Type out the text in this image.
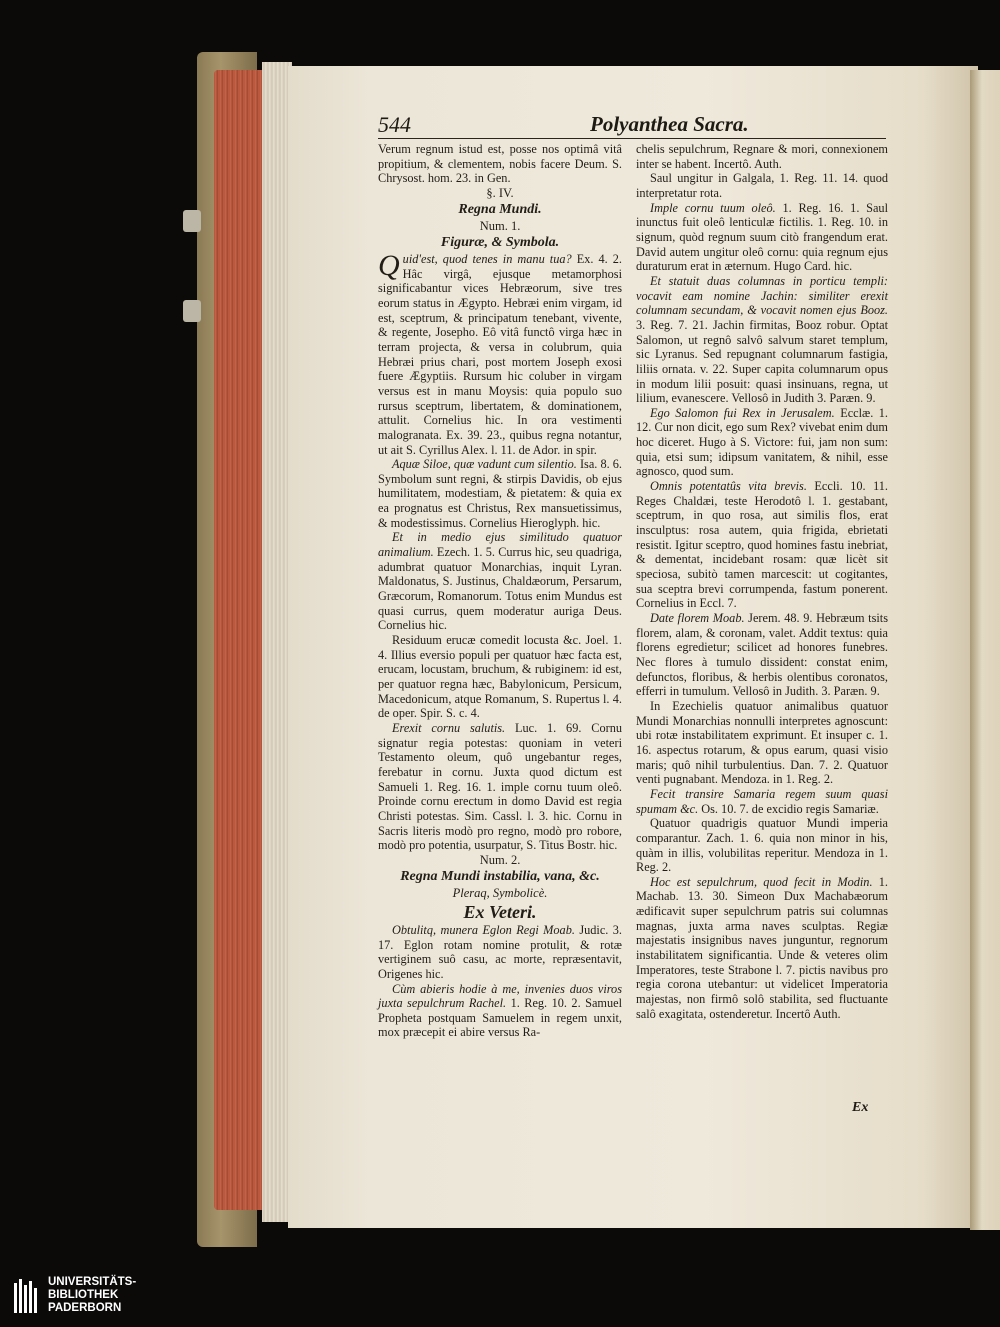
544	Polyanthea Sacra.

Verum regnum istud est, posse nos optimâ vitâ propitium, & clementem, nobis facere Deum. S. Chrysost. hom. 23. in Gen.

§. IV.
Regna Mundi.
Num. 1.
Figuræ, & Symbola.

Quid'est, quod tenes in manu tua? Ex. 4. 2. Hâc virgâ, ejusque metamorphosi significabantur vices Hebræorum, sive tres eorum status in Ægypto. Hebræi enim virgam, id est, sceptrum, & principatum tenebant, vivente, & regente, Josepho. Eô vitâ functô virga hæc in terram projecta, & versa in colubrum, quia Hebræi prius chari, post mortem Joseph exosi fuere Ægyptiis. Rursum hic coluber in virgam versus est in manu Moysis: quia populo suo rursus sceptrum, libertatem, & dominationem, attulit. Cornelius hic. In ora vestimenti malogranata. Ex. 39. 23., quibus regna notantur, ut ait S. Cyrillus Alex. l. 11. de Ador. in spir.

Aquæ Siloe, quæ vadunt cum silentio. Isa. 8. 6. Symbolum sunt regni, & stirpis Davidis, ob ejus humilitatem, modestiam, & pietatem: & quia ex ea prognatus est Christus, Rex mansuetissimus, & modestissimus. Cornelius Hieroglyph. hic.

Et in medio ejus similitudo quatuor animalium. Ezech. 1. 5. Currus hic, seu quadriga, adumbrat quatuor Monarchias, inquit Lyran. Maldonatus, S. Justinus, Chaldæorum, Persarum, Græcorum, Romanorum. Totus enim Mundus est quasi currus, quem moderatur auriga Deus. Cornelius hic.

Residuum erucæ comedit locusta &c. Joel. 1. 4. Illius eversio populi per quatuor hæc facta est, erucam, locustam, bruchum, & rubiginem: id est, per quatuor regna hæc, Babylonicum, Persicum, Macedonicum, atque Romanum, S. Rupertus l. 4. de oper. Spir. S. c. 4.

Erexit cornu salutis. Luc. 1. 69. Cornu signatur regia potestas: quoniam in veteri Testamento oleum, quô ungebantur reges, ferebatur in cornu. Juxta quod dictum est Samueli 1. Reg. 16. 1. imple cornu tuum oleô. Proinde cornu erectum in domo David est regia Christi potestas. Sim. Cassl. l. 3. hic. Cornu in Sacris literis modò pro regno, modò pro robore, modò pro potentia, usurpatur, S. Titus Bostr. hic.

Num. 2.
Regna Mundi instabilia, vana, &c.
Pleraq, Symbolicè.
Ex Veteri.

Obtulitq, munera Eglon Regi Moab. Judic. 3. 17. Eglon rotam nomine protulit, & rotæ vertiginem suô casu, ac morte, repræsentavit, Origenes hic.

Cùm abieris hodie à me, invenies duos viros juxta sepulchrum Rachel. 1. Reg. 10. 2. Samuel Propheta postquam Samuelem in regem unxit, mox præcepit ei abire versus Ra-

chelis sepulchrum, Regnare & mori, connexionem inter se habent. Incertô. Auth.

Saul ungitur in Galgala, 1. Reg. 11. 14. quod interpretatur rota.

Imple cornu tuum oleô. 1. Reg. 16. 1. Saul inunctus fuit oleô lenticulæ fictilis. 1. Reg. 10. in signum, quòd regnum suum citò frangendum erat. David autem ungitur oleô cornu: quia regnum ejus duraturum erat in æternum. Hugo Card. hic.

Et statuit duas columnas in porticu templi: vocavit eam nomine Jachin: similiter erexit columnam secundam, & vocavit nomen ejus Booz. 3. Reg. 7. 21. Jachin firmitas, Booz robur. Optat Salomon, ut regnô salvô salvum staret templum, sic Lyranus. Sed repugnant columnarum fastigia, liliis ornata. v. 22. Super capita columnarum opus in modum lilii posuit: quasi insinuans, regna, ut lilium, evanescere. Vellosô in Judith 3. Paræn. 9.

Ego Salomon fui Rex in Jerusalem. Ecclæ. 1. 12. Cur non dicit, ego sum Rex? vivebat enim dum hoc diceret. Hugo à S. Victore: fui, jam non sum: quia, etsi sum; idipsum vanitatem, & nihil, esse agnosco, quod sum.

Omnis potentatûs vita brevis. Eccli. 10. 11. Reges Chaldæi, teste Herodotô l. 1. gestabant, sceptrum, in quo rosa, aut similis flos, erat insculptus: rosa autem, quia frigida, ebrietati resistit. Igitur sceptro, quod homines fastu inebriat, & dementat, incidebant rosam: quæ licèt sit speciosa, subitò tamen marcescit: ut cogitantes, sua sceptra brevi corrumpenda, fastum ponerent. Cornelius in Eccl. 7.

Date florem Moab. Jerem. 48. 9. Hebræum tsits florem, alam, & coronam, valet. Addit textus: quia florens egredietur; scilicet ad honores funebres. Nec flores à tumulo dissident: constat enim, defunctos, floribus, & herbis olentibus coronatos, efferri in tumulum. Vellosô in Judith. 3. Paræn. 9.

In Ezechielis quatuor animalibus quatuor Mundi Monarchias nonnulli interpretes agnoscunt: ubi rotæ instabilitatem exprimunt. Et insuper c. 1. 16. aspectus rotarum, & opus earum, quasi visio maris; quô nihil turbulentius. Dan. 7. 2. Quatuor venti pugnabant. Mendoza. in 1. Reg. 2.

Fecit transire Samaria regem suum quasi spumam &c. Os. 10. 7. de excidio regis Samariæ.

Quatuor quadrigis quatuor Mundi imperia comparantur. Zach. 1. 6. quia non minor in his, quàm in illis, volubilitas reperitur. Mendoza in 1. Reg. 2.

Hoc est sepulchrum, quod fecit in Modin. 1. Machab. 13. 30. Simeon Dux Machabæorum ædificavit super sepulchrum patris sui columnas magnas, juxta arma naves sculptas. Regiæ majestatis insignibus naves junguntur, regnorum instabilitatem significantia. Unde & veteres olim Imperatores, teste Strabone l. 7. pictis navibus pro regia corona utebantur: ut videlicet Imperatoria majestas, non firmô solô stabilita, sed fluctuante salô exagitata, ostenderetur. Incertô Auth.

Ex
UNIVERSITÄTS-
BIBLIOTHEK
PADERBORN
